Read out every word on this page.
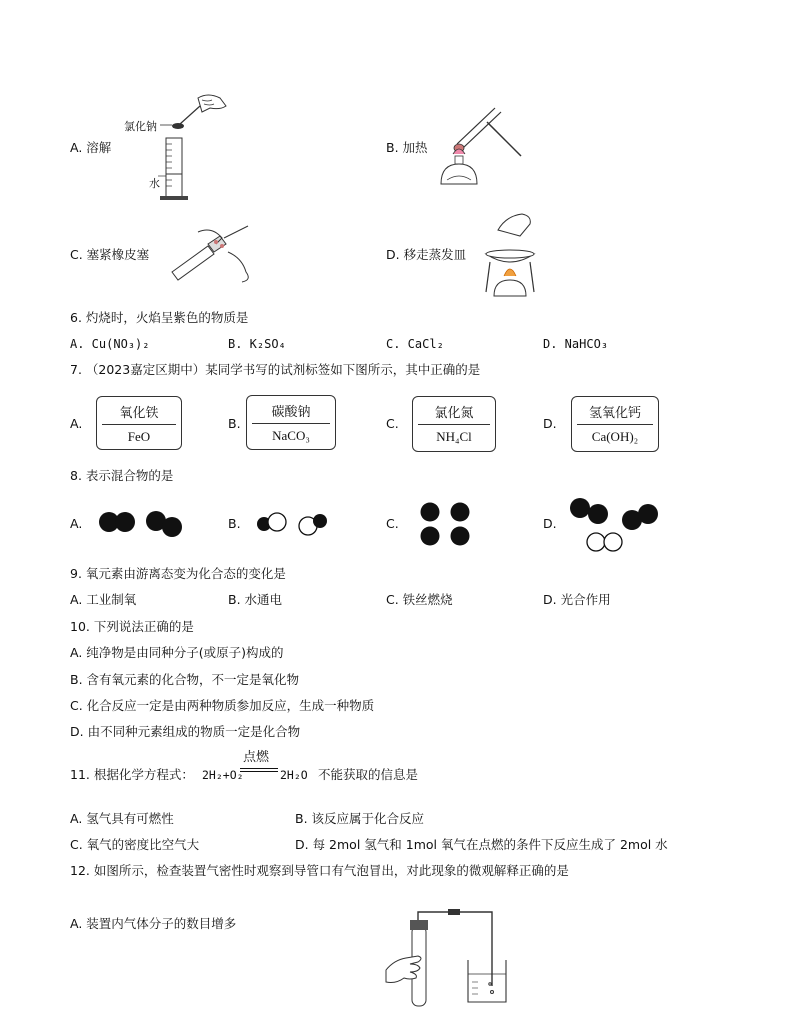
A. 溶解
氯化钠
水
B. 加热
C. 塞紧橡皮塞	D. 移走蒸发皿
6. 灼烧时，火焰呈紫色的物质是
A. Cu(NO₃)₂	B. K₂SO₄	C. CaCl₂	D. NaHCO₃
7. （2023嘉定区期中）某同学书写的试剂标签如下图所示，其中正确的是
A.
氧化铁
FeO
B.
碳酸钠
NaCO₃
C.
氯化氮
NH₄Cl
D.
氢氧化钙
Ca(OH)₂
8. 表示混合物的是
A.	B.	C.	D.
9. 氧元素由游离态变为化合态的变化是
A. 工业制氧	B. 水通电	C. 铁丝燃烧	D. 光合作用
10. 下列说法正确的是
A. 纯净物是由同种分子(或原子)构成的
B. 含有氧元素的化合物，不一定是氧化物
C. 化合反应一定是由两种物质参加反应，生成一种物质
D. 由不同种元素组成的物质一定是化合物
11. 根据化学方程式： 2H₂+O₂
点燃
2H₂O 不能获取的信息是
A. 氢气具有可燃性	B. 该反应属于化合反应
C. 氧气的密度比空气大	D. 每 2mol 氢气和 1mol 氧气在点燃的条件下反应生成了 2mol 水
12. 如图所示，检查装置气密性时观察到导管口有气泡冒出，对此现象的微观解释正确的是
A. 装置内气体分子的数目增多
